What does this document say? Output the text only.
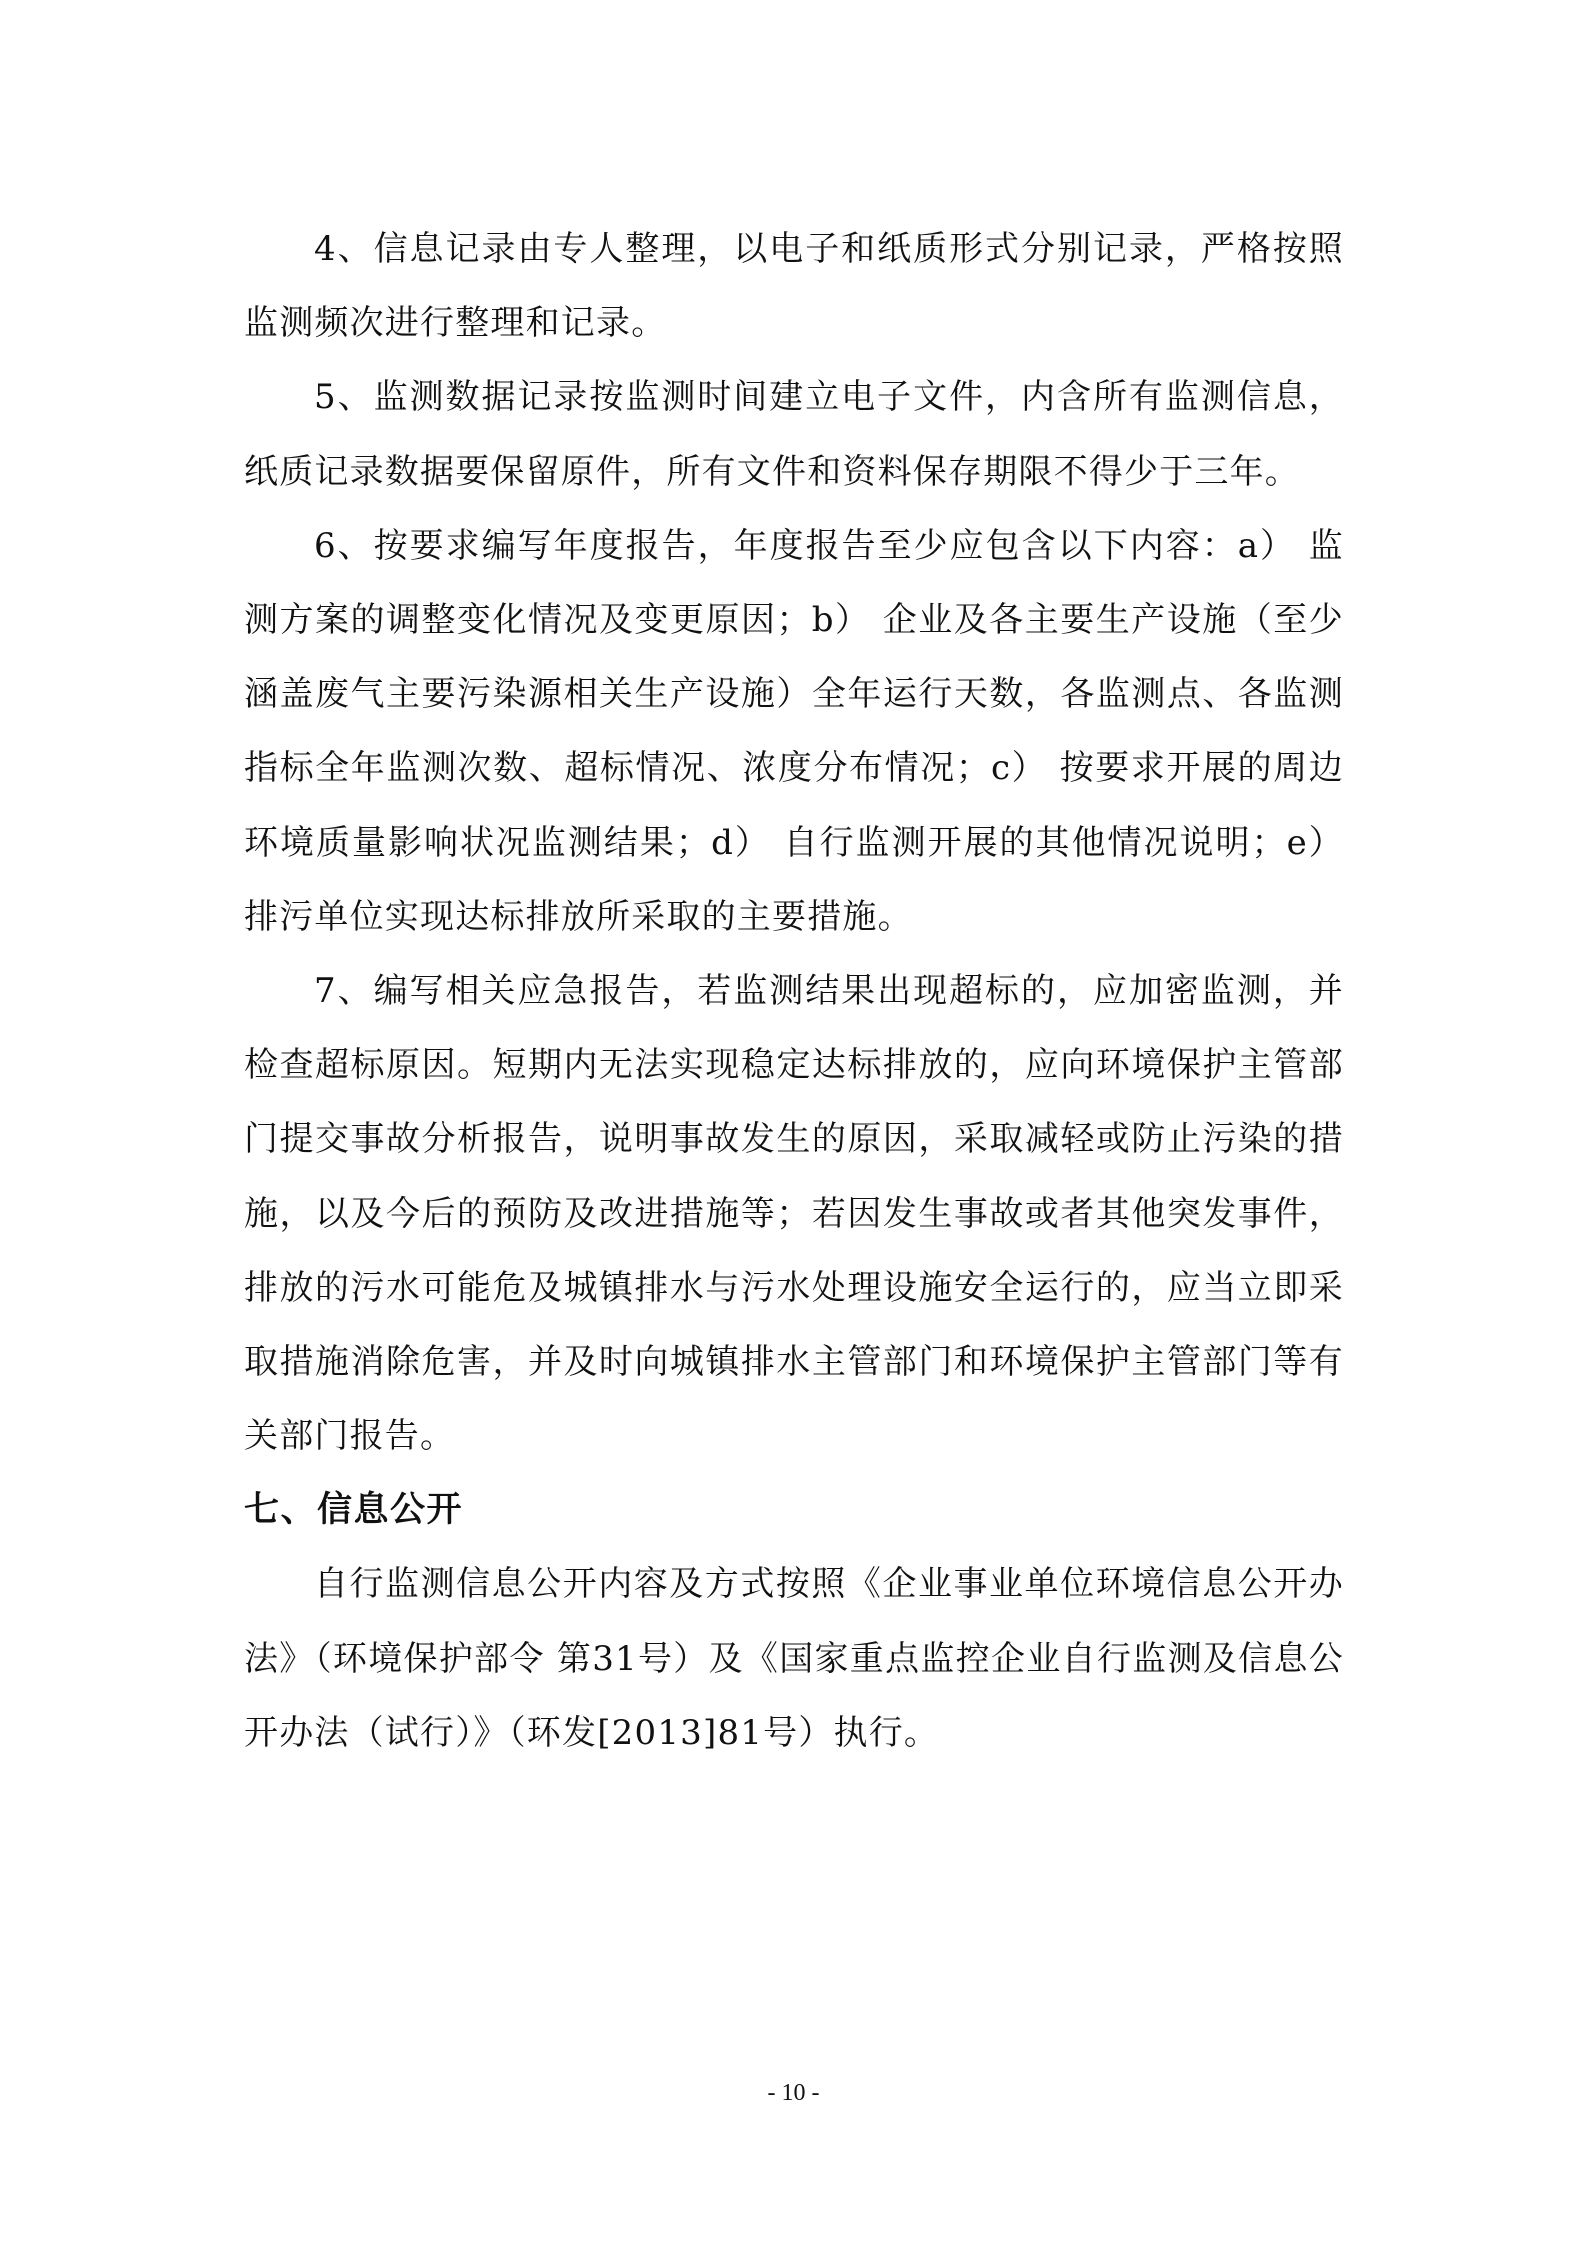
4、信息记录由专人整理，以电子和纸质形式分别记录，严格按照监测频次进行整理和记录。

5、监测数据记录按监测时间建立电子文件，内含所有监测信息，纸质记录数据要保留原件，所有文件和资料保存期限不得少于三年。

6、按要求编写年度报告，年度报告至少应包含以下内容：a） 监测方案的调整变化情况及变更原因；b） 企业及各主要生产设施（至少涵盖废气主要污染源相关生产设施）全年运行天数，各监测点、各监测指标全年监测次数、超标情况、浓度分布情况；c） 按要求开展的周边环境质量影响状况监测结果；d） 自行监测开展的其他情况说明；e） 排污单位实现达标排放所采取的主要措施。

7、编写相关应急报告，若监测结果出现超标的，应加密监测，并检查超标原因。短期内无法实现稳定达标排放的，应向环境保护主管部门提交事故分析报告，说明事故发生的原因，采取减轻或防止污染的措施，以及今后的预防及改进措施等；若因发生事故或者其他突发事件，排放的污水可能危及城镇排水与污水处理设施安全运行的，应当立即采取措施消除危害，并及时向城镇排水主管部门和环境保护主管部门等有关部门报告。

七、信息公开

自行监测信息公开内容及方式按照《企业事业单位环境信息公开办法》（环境保护部令 第31号）及《国家重点监控企业自行监测及信息公开办法（试行）》（环发[2013]81号）执行。

- 10 -
